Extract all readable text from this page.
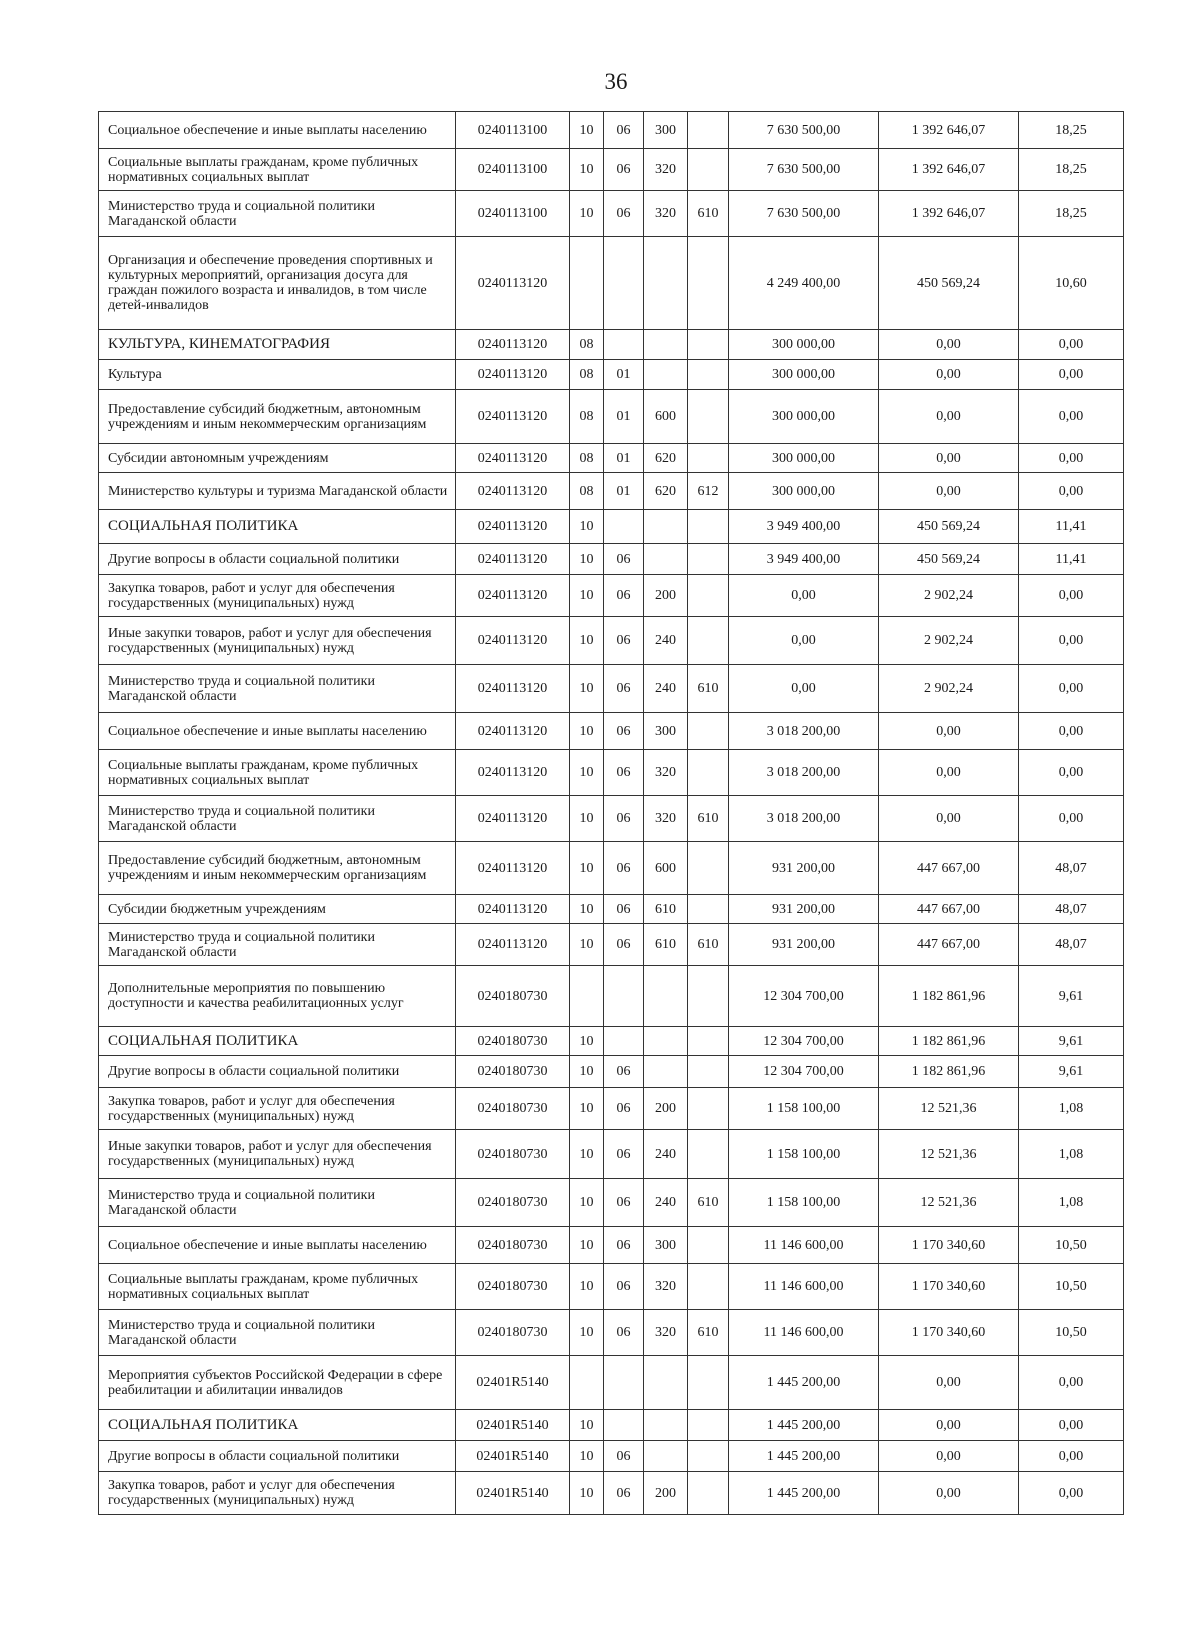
36
Социальное обеспечение и иные выплаты населению	0240113100	10	06	300		7 630 500,00	1 392 646,07	18,25
Социальные выплаты гражданам, кроме публичных нормативных социальных выплат	0240113100	10	06	320		7 630 500,00	1 392 646,07	18,25
Министерство труда и социальной политики Магаданской области	0240113100	10	06	320	610	7 630 500,00	1 392 646,07	18,25
Организация и обеспечение проведения спортивных и культурных мероприятий, организация досуга для граждан пожилого возраста и инвалидов, в том числе детей-инвалидов	0240113120					4 249 400,00	450 569,24	10,60
КУЛЬТУРА, КИНЕМАТОГРАФИЯ	0240113120	08				300 000,00	0,00	0,00
Культура	0240113120	08	01			300 000,00	0,00	0,00
Предоставление субсидий бюджетным, автономным учреждениям и иным некоммерческим организациям	0240113120	08	01	600		300 000,00	0,00	0,00
Субсидии автономным учреждениям	0240113120	08	01	620		300 000,00	0,00	0,00
Министерство культуры и туризма Магаданской области	0240113120	08	01	620	612	300 000,00	0,00	0,00
СОЦИАЛЬНАЯ ПОЛИТИКА	0240113120	10				3 949 400,00	450 569,24	11,41
Другие вопросы в области социальной политики	0240113120	10	06			3 949 400,00	450 569,24	11,41
Закупка товаров, работ и услуг для обеспечения государственных (муниципальных) нужд	0240113120	10	06	200		0,00	2 902,24	0,00
Иные закупки товаров, работ и услуг для обеспечения государственных (муниципальных) нужд	0240113120	10	06	240		0,00	2 902,24	0,00
Министерство труда и социальной политики Магаданской области	0240113120	10	06	240	610	0,00	2 902,24	0,00
Социальное обеспечение и иные выплаты населению	0240113120	10	06	300		3 018 200,00	0,00	0,00
Социальные выплаты гражданам, кроме публичных нормативных социальных выплат	0240113120	10	06	320		3 018 200,00	0,00	0,00
Министерство труда и социальной политики Магаданской области	0240113120	10	06	320	610	3 018 200,00	0,00	0,00
Предоставление субсидий бюджетным, автономным учреждениям и иным некоммерческим организациям	0240113120	10	06	600		931 200,00	447 667,00	48,07
Субсидии бюджетным учреждениям	0240113120	10	06	610		931 200,00	447 667,00	48,07
Министерство труда и социальной политики Магаданской области	0240113120	10	06	610	610	931 200,00	447 667,00	48,07
Дополнительные мероприятия по повышению доступности и качества реабилитационных услуг	0240180730					12 304 700,00	1 182 861,96	9,61
СОЦИАЛЬНАЯ ПОЛИТИКА	0240180730	10				12 304 700,00	1 182 861,96	9,61
Другие вопросы в области социальной политики	0240180730	10	06			12 304 700,00	1 182 861,96	9,61
Закупка товаров, работ и услуг для обеспечения государственных (муниципальных) нужд	0240180730	10	06	200		1 158 100,00	12 521,36	1,08
Иные закупки товаров, работ и услуг для обеспечения государственных (муниципальных) нужд	0240180730	10	06	240		1 158 100,00	12 521,36	1,08
Министерство труда и социальной политики Магаданской области	0240180730	10	06	240	610	1 158 100,00	12 521,36	1,08
Социальное обеспечение и иные выплаты населению	0240180730	10	06	300		11 146 600,00	1 170 340,60	10,50
Социальные выплаты гражданам, кроме публичных нормативных социальных выплат	0240180730	10	06	320		11 146 600,00	1 170 340,60	10,50
Министерство труда и социальной политики Магаданской области	0240180730	10	06	320	610	11 146 600,00	1 170 340,60	10,50
Мероприятия субъектов Российской Федерации в сфере реабилитации и абилитации инвалидов	02401R5140					1 445 200,00	0,00	0,00
СОЦИАЛЬНАЯ ПОЛИТИКА	02401R5140	10				1 445 200,00	0,00	0,00
Другие вопросы в области социальной политики	02401R5140	10	06			1 445 200,00	0,00	0,00
Закупка товаров, работ и услуг для обеспечения государственных (муниципальных) нужд	02401R5140	10	06	200		1 445 200,00	0,00	0,00
